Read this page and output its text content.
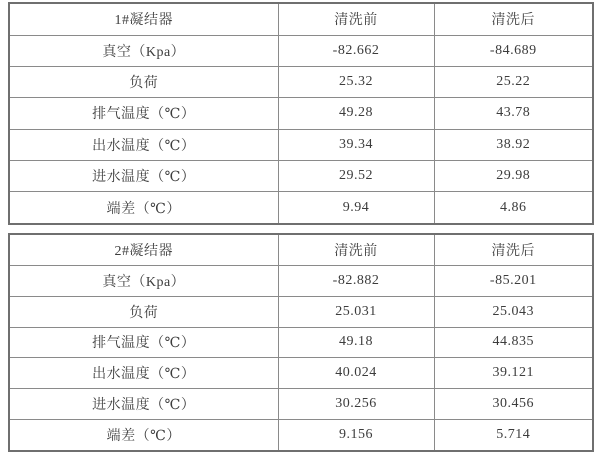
1#凝结器	清洗前	清洗后
真空（Kpa）	-82.662	-84.689
负荷	25.32	25.22
排气温度（℃）	49.28	43.78
出水温度（℃）	39.34	38.92
进水温度（℃）	29.52	29.98
端差（℃）	9.94	4.86
2#凝结器	清洗前	清洗后
真空（Kpa）	-82.882	-85.201
负荷	25.031	25.043
排气温度（℃）	49.18	44.835
出水温度（℃）	40.024	39.121
进水温度（℃）	30.256	30.456
端差（℃）	9.156	5.714
